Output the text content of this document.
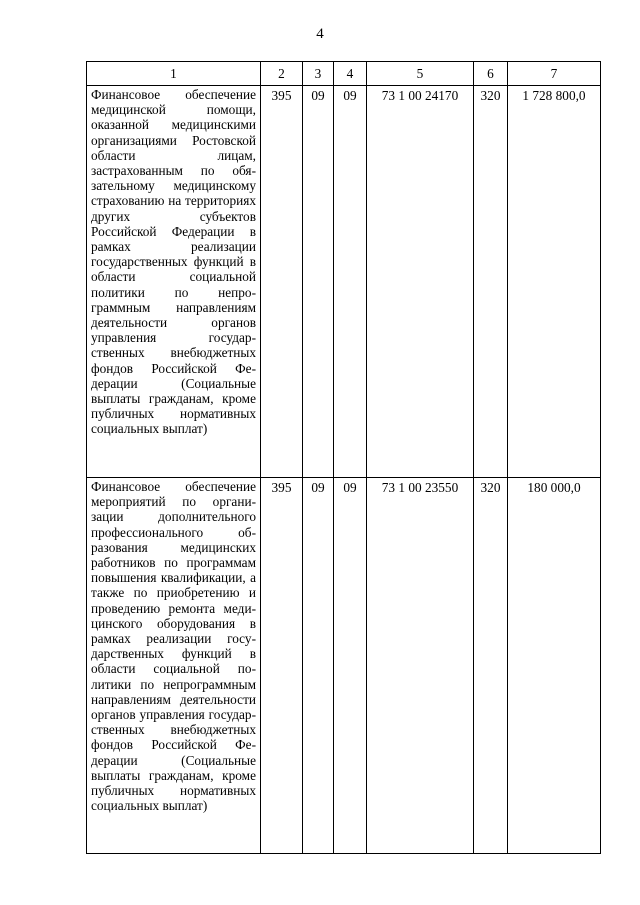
4
1	2	3	4	5	6	7
Финансовое обеспечение медицинской помощи, оказанной медицинскими организациями Ростовской области лицам, застрахованным по обязательному медицинскому страхованию на территориях других субъектов Российской Федерации в рамках реализации государственных функций в области социальной политики по непрограммным направлениям деятельности органов управления государственных внебюджетных фондов Российской Федерации (Социальные выплаты гражданам, кроме публичных нормативных социальных выплат)	395	09	09	73 1 00 24170	320	1 728 800,0
Финансовое обеспечение мероприятий по организации дополнительного профессионального образования медицинских работников по программам повышения квалификации, а также по приобретению и проведению ремонта медицинского оборудования в рамках реализации государственных функций в области социальной политики по непрограммным направлениям деятельности органов управления государственных внебюджетных фондов Российской Федерации (Социальные выплаты гражданам, кроме публичных нормативных социальных выплат)	395	09	09	73 1 00 23550	320	180 000,0
